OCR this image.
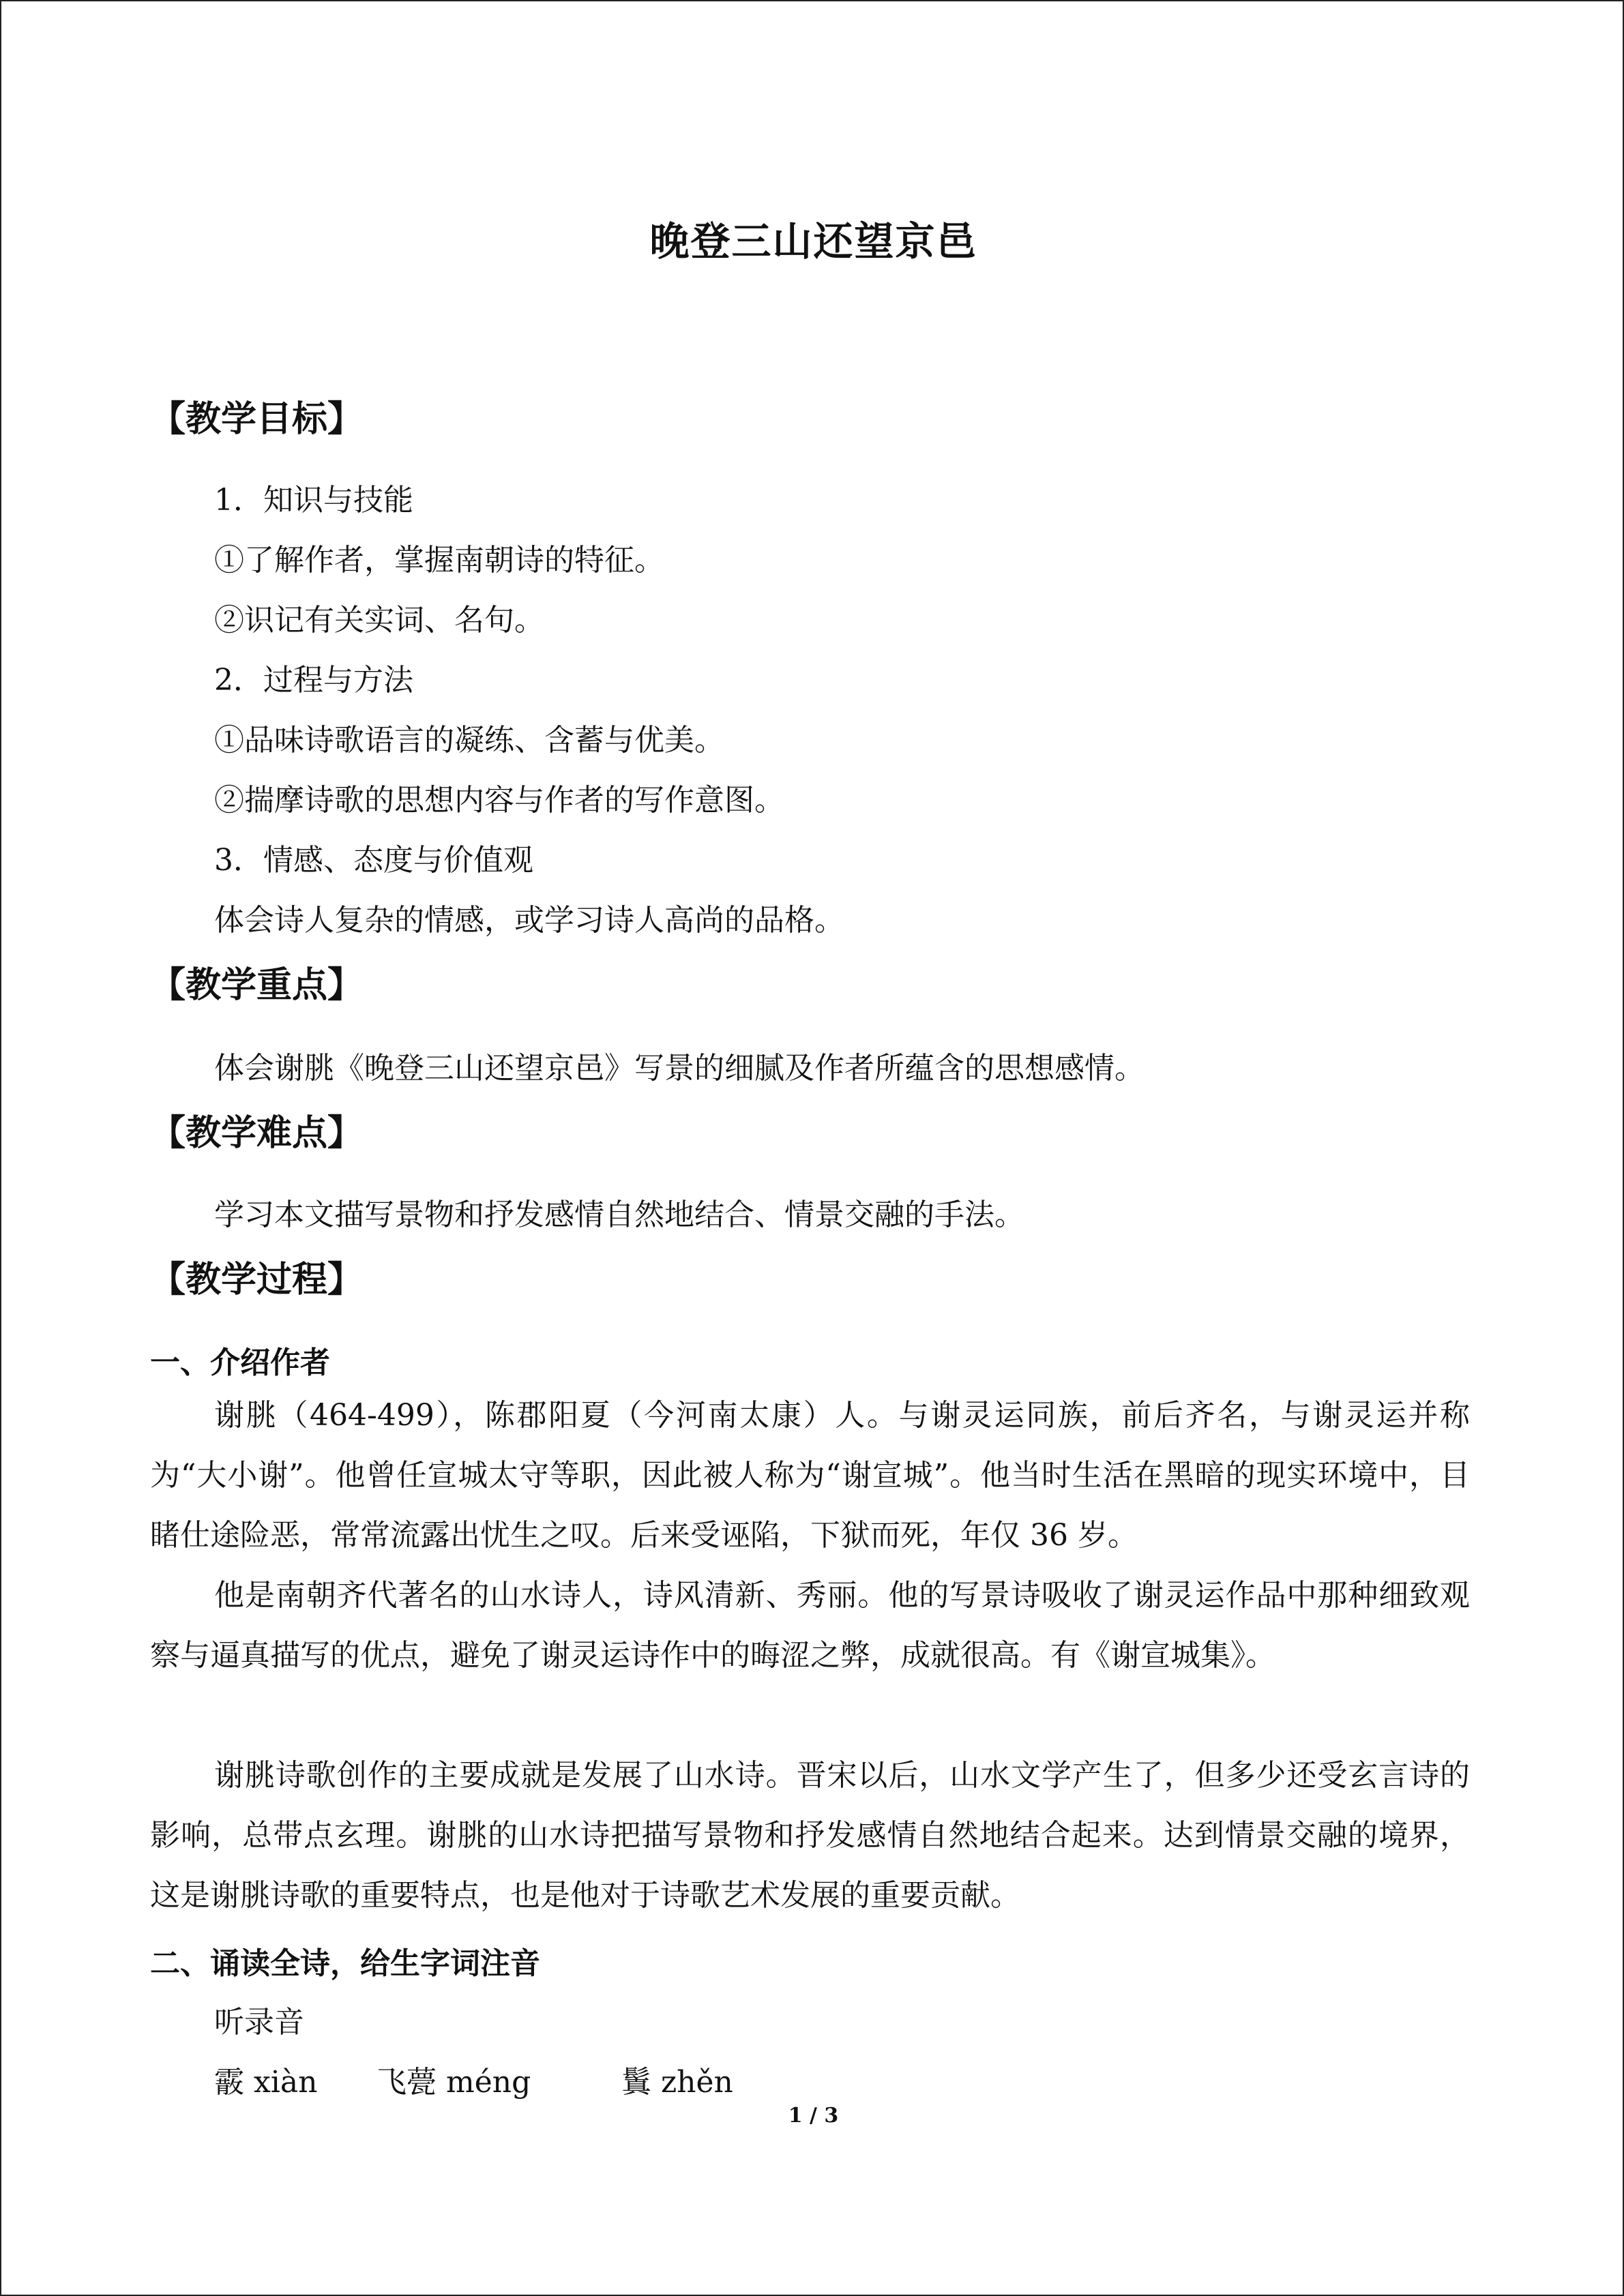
晚登三山还望京邑
【教学目标】
1．知识与技能
①了解作者，掌握南朝诗的特征。
②识记有关实词、名句。
2．过程与方法
①品味诗歌语言的凝练、含蓄与优美。
②揣摩诗歌的思想内容与作者的写作意图。
3．情感、态度与价值观
体会诗人复杂的情感，或学习诗人高尚的品格。
【教学重点】
体会谢朓《晚登三山还望京邑》写景的细腻及作者所蕴含的思想感情。
【教学难点】
学习本文描写景物和抒发感情自然地结合、情景交融的手法。
【教学过程】
一、介绍作者
谢朓（464-499），陈郡阳夏（今河南太康）人。与谢灵运同族，前后齐名，与谢灵运并称为“大小谢”。他曾任宣城太守等职，因此被人称为“谢宣城”。他当时生活在黑暗的现实环境中，目睹仕途险恶，常常流露出忧生之叹。后来受诬陷，下狱而死，年仅 36 岁。
他是南朝齐代著名的山水诗人，诗风清新、秀丽。他的写景诗吸收了谢灵运作品中那种细致观察与逼真描写的优点，避免了谢灵运诗作中的晦涩之弊，成就很高。有《谢宣城集》。
谢朓诗歌创作的主要成就是发展了山水诗。晋宋以后，山水文学产生了，但多少还受玄言诗的影响，总带点玄理。谢朓的山水诗把描写景物和抒发感情自然地结合起来。达到情景交融的境界，这是谢朓诗歌的重要特点，也是他对于诗歌艺术发展的重要贡献。
二、诵读全诗，给生字词注音
听录音
霰 xiàn 飞甍 méng	鬒 zhěn
1 / 3
